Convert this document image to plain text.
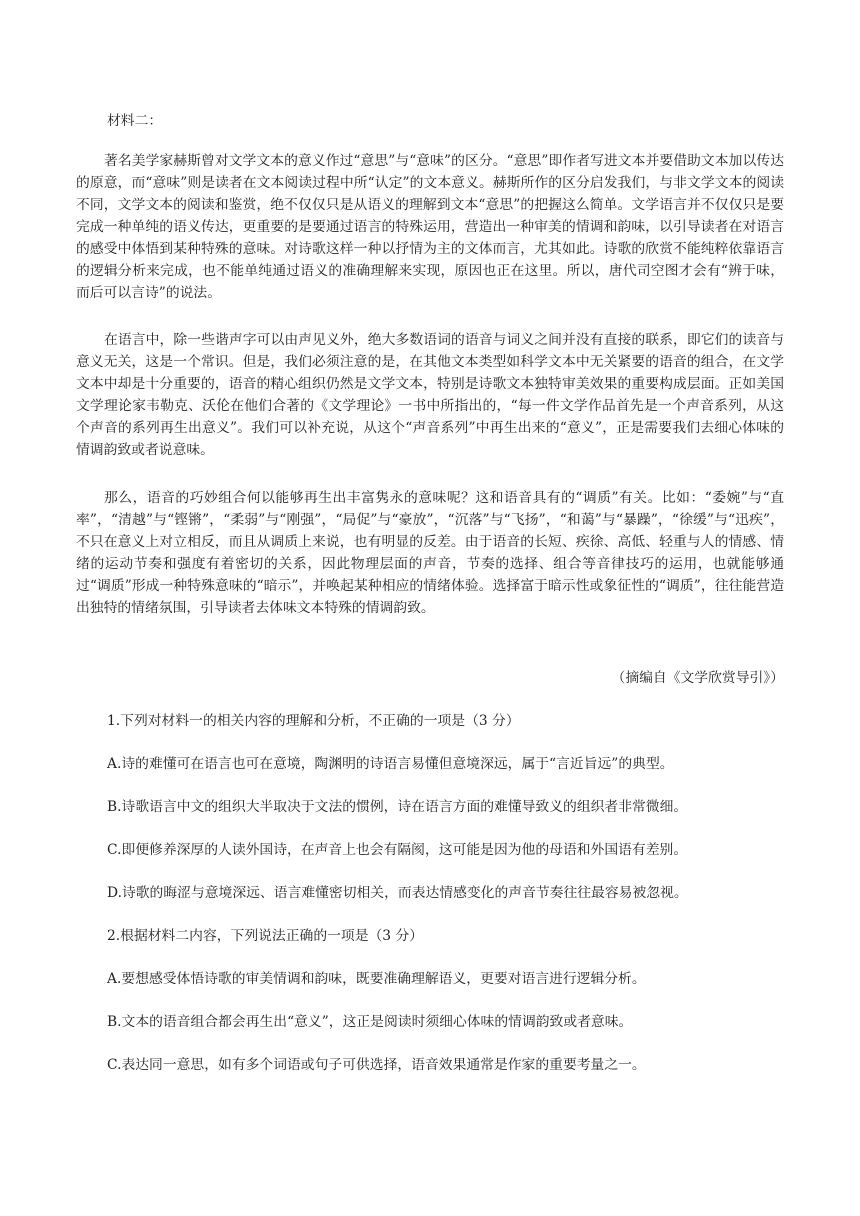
材料二：

著名美学家赫斯曾对文学文本的意义作过“意思”与“意味”的区分。“意思”即作者写进文本并要借助文本加以传达的原意，而“意味”则是读者在文本阅读过程中所“认定”的文本意义。赫斯所作的区分启发我们，与非文学文本的阅读不同，文学文本的阅读和鉴赏，绝不仅仅只是从语义的理解到文本“意思”的把握这么简单。文学语言并不仅仅只是要完成一种单纯的语义传达，更重要的是要通过语言的特殊运用，营造出一种审美的情调和韵味，以引导读者在对语言的感受中体悟到某种特殊的意味。对诗歌这样一种以抒情为主的文体而言，尤其如此。诗歌的欣赏不能纯粹依靠语言的逻辑分析来完成，也不能单纯通过语义的准确理解来实现，原因也正在这里。所以，唐代司空图才会有“辨于味，而后可以言诗”的说法。

在语言中，除一些谐声字可以由声见义外，绝大多数语词的语音与词义之间并没有直接的联系，即它们的读音与意义无关，这是一个常识。但是，我们必须注意的是，在其他文本类型如科学文本中无关紧要的语音的组合，在文学文本中却是十分重要的，语音的精心组织仍然是文学文本，特别是诗歌文本独特审美效果的重要构成层面。正如美国文学理论家韦勒克、沃伦在他们合著的《文学理论》一书中所指出的，“每一件文学作品首先是一个声音系列，从这个声音的系列再生出意义”。我们可以补充说，从这个“声音系列”中再生出来的“意义”，正是需要我们去细心体味的情调韵致或者说意味。

那么，语音的巧妙组合何以能够再生出丰富隽永的意味呢？这和语音具有的“调质”有关。比如：“委婉”与“直率”，“清越”与“铿锵”，“柔弱”与“刚强”，“局促”与“豪放”，“沉落”与“飞扬”，“和蔼”与“暴躁”，“徐缓”与“迅疾”，不只在意义上对立相反，而且从调质上来说，也有明显的反差。由于语音的长短、疾徐、高低、轻重与人的情感、情绪的运动节奏和强度有着密切的关系，因此物理层面的声音，节奏的选择、组合等音律技巧的运用，也就能够通过“调质”形成一种特殊意味的“暗示”，并唤起某种相应的情绪体验。选择富于暗示性或象征性的“调质”，往往能营造出独特的情绪氛围，引导读者去体味文本特殊的情调韵致。

（摘编自《文学欣赏导引》）

1.下列对材料一的相关内容的理解和分析，不正确的一项是（3 分）

A.诗的难懂可在语言也可在意境，陶渊明的诗语言易懂但意境深远，属于“言近旨远”的典型。

B.诗歌语言中文的组织大半取决于文法的惯例，诗在语言方面的难懂导致义的组织者非常微细。

C.即便修养深厚的人读外国诗，在声音上也会有隔阂，这可能是因为他的母语和外国语有差别。

D.诗歌的晦涩与意境深远、语言难懂密切相关，而表达情感变化的声音节奏往往最容易被忽视。

2.根据材料二内容，下列说法正确的一项是（3 分）

A.要想感受体悟诗歌的审美情调和韵味，既要准确理解语义，更要对语言进行逻辑分析。

B.文本的语音组合都会再生出“意义”，这正是阅读时须细心体味的情调韵致或者意味。

C.表达同一意思，如有多个词语或句子可供选择，语音效果通常是作家的重要考量之一。
